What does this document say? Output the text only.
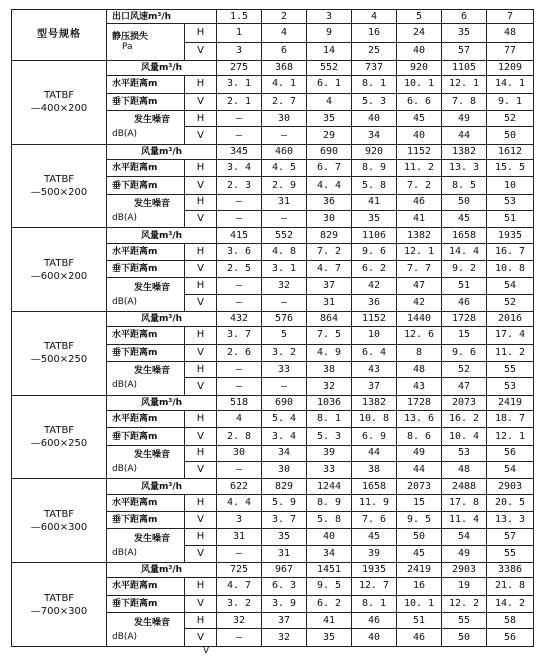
型号规格	出口风速m³/h		1.5	2	3	4	5	6	7

	静压损失
Pa	H	1	4	9	16	24	35	48
		V	3	6	14	25	40	57	77

TATBF
—400×200	风量m³/h		275	368	552	737	920	1105	1209
	水平距离m	H	3. 1	4. 1	6. 1	8. 1	10. 1	12. 1	14. 1
	垂下距离m	V	2. 1	2. 7	4	5. 3	6. 6	7. 8	9. 1

	发生噪音
dB(A)	H	–	30	35	40	45	49	52
		V	–	–	29	34	40	44	50

TATBF
—500×200	风量m³/h		345	460	690	920	1152	1382	1612
	水平距离m	H	3. 4	4. 5	6. 7	8. 9	11. 2	13. 3	15. 5
	垂下距离m	V	2. 3	2. 9	4. 4	5. 8	7. 2	8. 5	10

	发生噪音
dB(A)	H	–	31	36	41	46	50	53
		V	–	–	30	35	41	45	51

TATBF
—600×200	风量m³/h		415	552	829	1106	1382	1658	1935
	水平距离m	H	3. 6	4. 8	7. 2	9. 6	12. 1	14. 4	16. 7
	垂下距离m	V	2. 5	3. 1	4. 7	6. 2	7. 7	9. 2	10. 8

	发生噪音
dB(A)	H	–	32	37	42	47	51	54
		V	–	–	31	36	42	46	52

TATBF
—500×250	风量m³/h		432	576	864	1152	1440	1728	2016
	水平距离m	H	3. 7	5	7. 5	10	12. 6	15	17. 4
	垂下距离m	V	2. 6	3. 2	4. 9	6. 4	8	9. 6	11. 2

	发生噪音
dB(A)	H	–	33	38	43	48	52	55
		V	–	–	32	37	43	47	53

TATBF
—600×250	风量m³/h		518	690	1036	1382	1728	2073	2419
	水平距离m	H	4	5. 4	8. 1	10. 8	13. 6	16. 2	18. 7
	垂下距离m	V	2. 8	3. 4	5. 3	6. 9	8. 6	10. 4	12. 1

	发生噪音
dB(A)	H	30	34	39	44	49	53	56
		V	–	30	33	38	44	48	54

TATBF
—600×300	风量m³/h		622	829	1244	1658	2073	2488	2903
	水平距离m	H	4. 4	5. 9	8. 9	11. 9	15	17. 8	20. 5
	垂下距离m	V	3	3. 7	5. 8	7. 6	9. 5	11. 4	13. 3

	发生噪音
dB(A)	H	31	35	40	45	50	54	57
		V	–	31	34	39	45	49	55

TATBF
—700×300	风量m³/h		725	967	1451	1935	2419	2903	3386
	水平距离m	H	4. 7	6. 3	9. 5	12. 7	16	19	21. 8
	垂下距离m	V	3. 2	3. 9	6. 2	8. 1	10. 1	12. 2	14. 2

	发生噪音
dB(A)	H	32	37	41	46	51	55	58
		V	–	32	35	40	46	50	56
V
